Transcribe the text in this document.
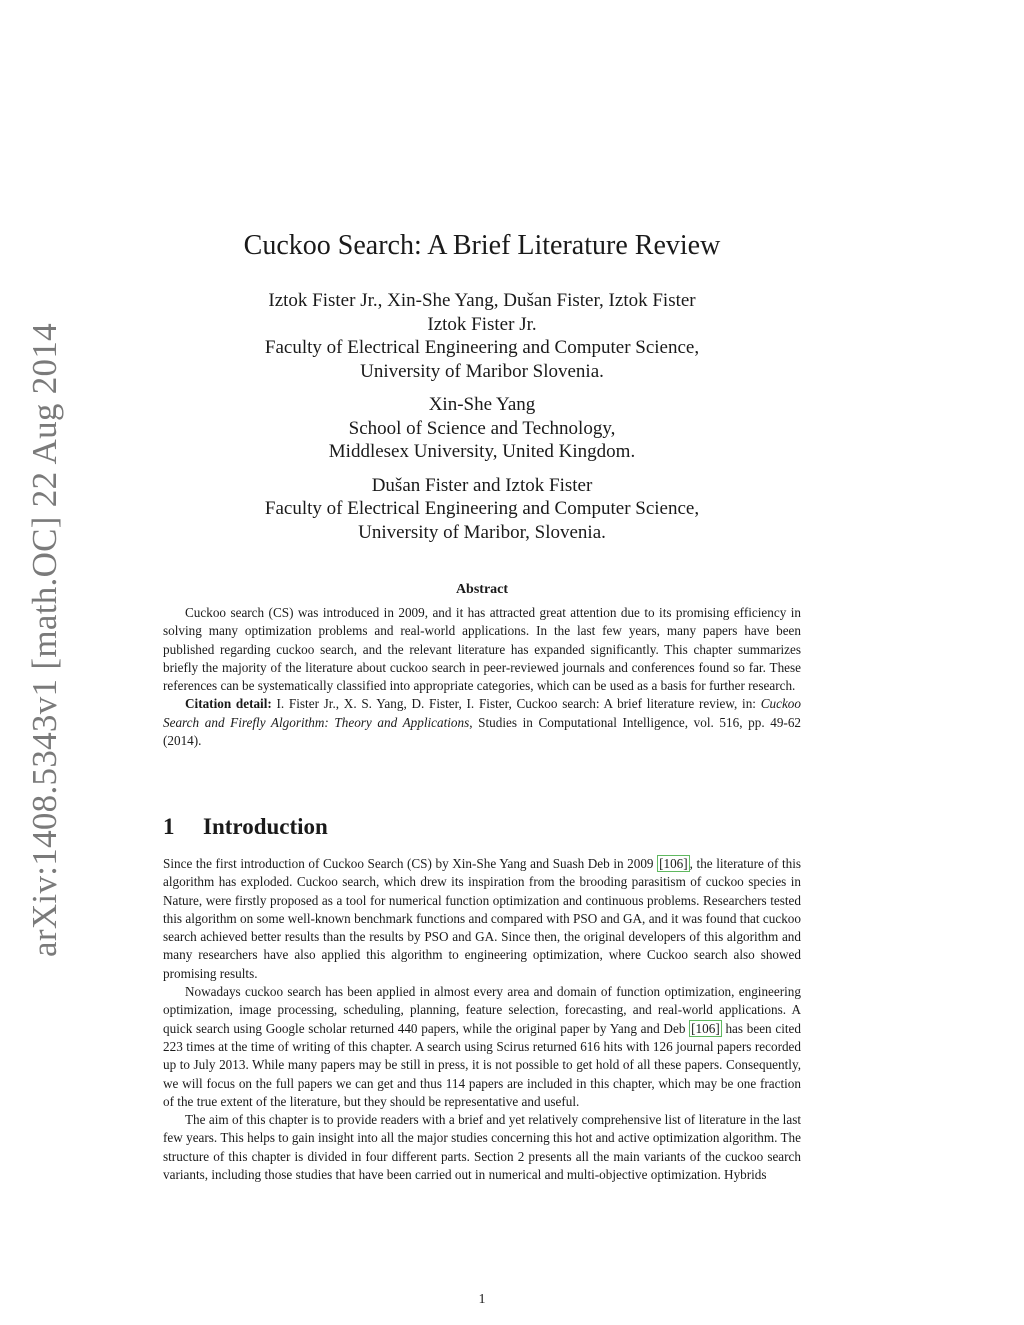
arXiv:1408.5343v1 [math.OC] 22 Aug 2014
Cuckoo Search: A Brief Literature Review
Iztok Fister Jr., Xin-She Yang, Dušan Fister, Iztok Fister
Iztok Fister Jr.
Faculty of Electrical Engineering and Computer Science,
University of Maribor Slovenia.
Xin-She Yang
School of Science and Technology,
Middlesex University, United Kingdom.
Dušan Fister and Iztok Fister
Faculty of Electrical Engineering and Computer Science,
University of Maribor, Slovenia.
Abstract

Cuckoo search (CS) was introduced in 2009, and it has attracted great attention due to its promising efficiency in solving many optimization problems and real-world applications. In the last few years, many papers have been published regarding cuckoo search, and the relevant literature has expanded significantly. This chapter summarizes briefly the majority of the literature about cuckoo search in peer-reviewed journals and conferences found so far. These references can be systematically classified into appropriate categories, which can be used as a basis for further research.

Citation detail: I. Fister Jr., X. S. Yang, D. Fister, I. Fister, Cuckoo search: A brief literature review, in: Cuckoo Search and Firefly Algorithm: Theory and Applications, Studies in Computational Intelligence, vol. 516, pp. 49-62 (2014).

1 Introduction

Since the first introduction of Cuckoo Search (CS) by Xin-She Yang and Suash Deb in 2009 [106] , the literature of this algorithm has exploded. Cuckoo search, which drew its inspiration from the brooding parasitism of cuckoo species in Nature, were firstly proposed as a tool for numerical function optimization and continuous problems. Researchers tested this algorithm on some well-known benchmark functions and compared with PSO and GA, and it was found that cuckoo search achieved better results than the results by PSO and GA. Since then, the original developers of this algorithm and many researchers have also applied this algorithm to engineering optimization, where Cuckoo search also showed promising results.

Nowadays cuckoo search has been applied in almost every area and domain of function optimization, engineering optimization, image processing, scheduling, planning, feature selection, forecasting, and real-world applications. A quick search using Google scholar returned 440 papers, while the original paper by Yang and Deb [106] has been cited 223 times at the time of writing of this chapter. A search using Scirus returned 616 hits with 126 journal papers recorded up to July 2013. While many papers may be still in press, it is not possible to get hold of all these papers. Consequently, we will focus on the full papers we can get and thus 114 papers are included in this chapter, which may be one fraction of the true extent of the literature, but they should be representative and useful.

The aim of this chapter is to provide readers with a brief and yet relatively comprehensive list of literature in the last few years. This helps to gain insight into all the major studies concerning this hot and active optimization algorithm. The structure of this chapter is divided in four different parts. Section 2 presents all the main variants of the cuckoo search variants, including those studies that have been carried out in numerical and multi-objective optimization. Hybrids

1
